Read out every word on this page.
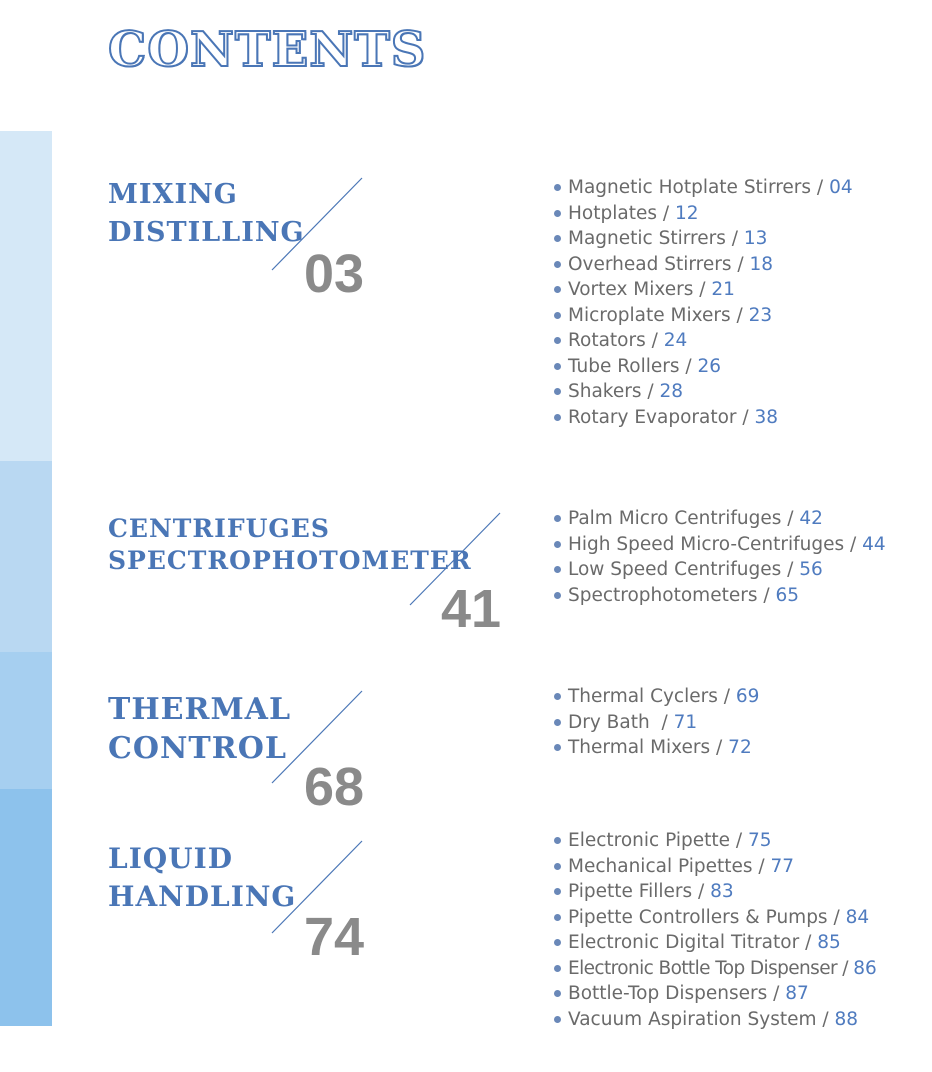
CONTENTS
MIXING
DISTILLING
03
Magnetic Hotplate Stirrers / 04
Hotplates / 12
Magnetic Stirrers / 13
Overhead Stirrers / 18
Vortex Mixers / 21
Microplate Mixers / 23
Rotators / 24
Tube Rollers / 26
Shakers / 28
Rotary Evaporator / 38
CENTRIFUGES
SPECTROPHOTOMETER
41
Palm Micro Centrifuges / 42
High Speed Micro-Centrifuges / 44
Low Speed Centrifuges / 56
Spectrophotometers / 65
THERMAL
CONTROL
68
Thermal Cyclers / 69
Dry Bath  / 71
Thermal Mixers / 72
LIQUID
HANDLING
74
Electronic Pipette / 75
Mechanical Pipettes / 77
Pipette Fillers / 83
Pipette Controllers & Pumps / 84
Electronic Digital Titrator / 85
Electronic Bottle Top Dispenser / 86
Bottle-Top Dispensers / 87
Vacuum Aspiration System / 88
